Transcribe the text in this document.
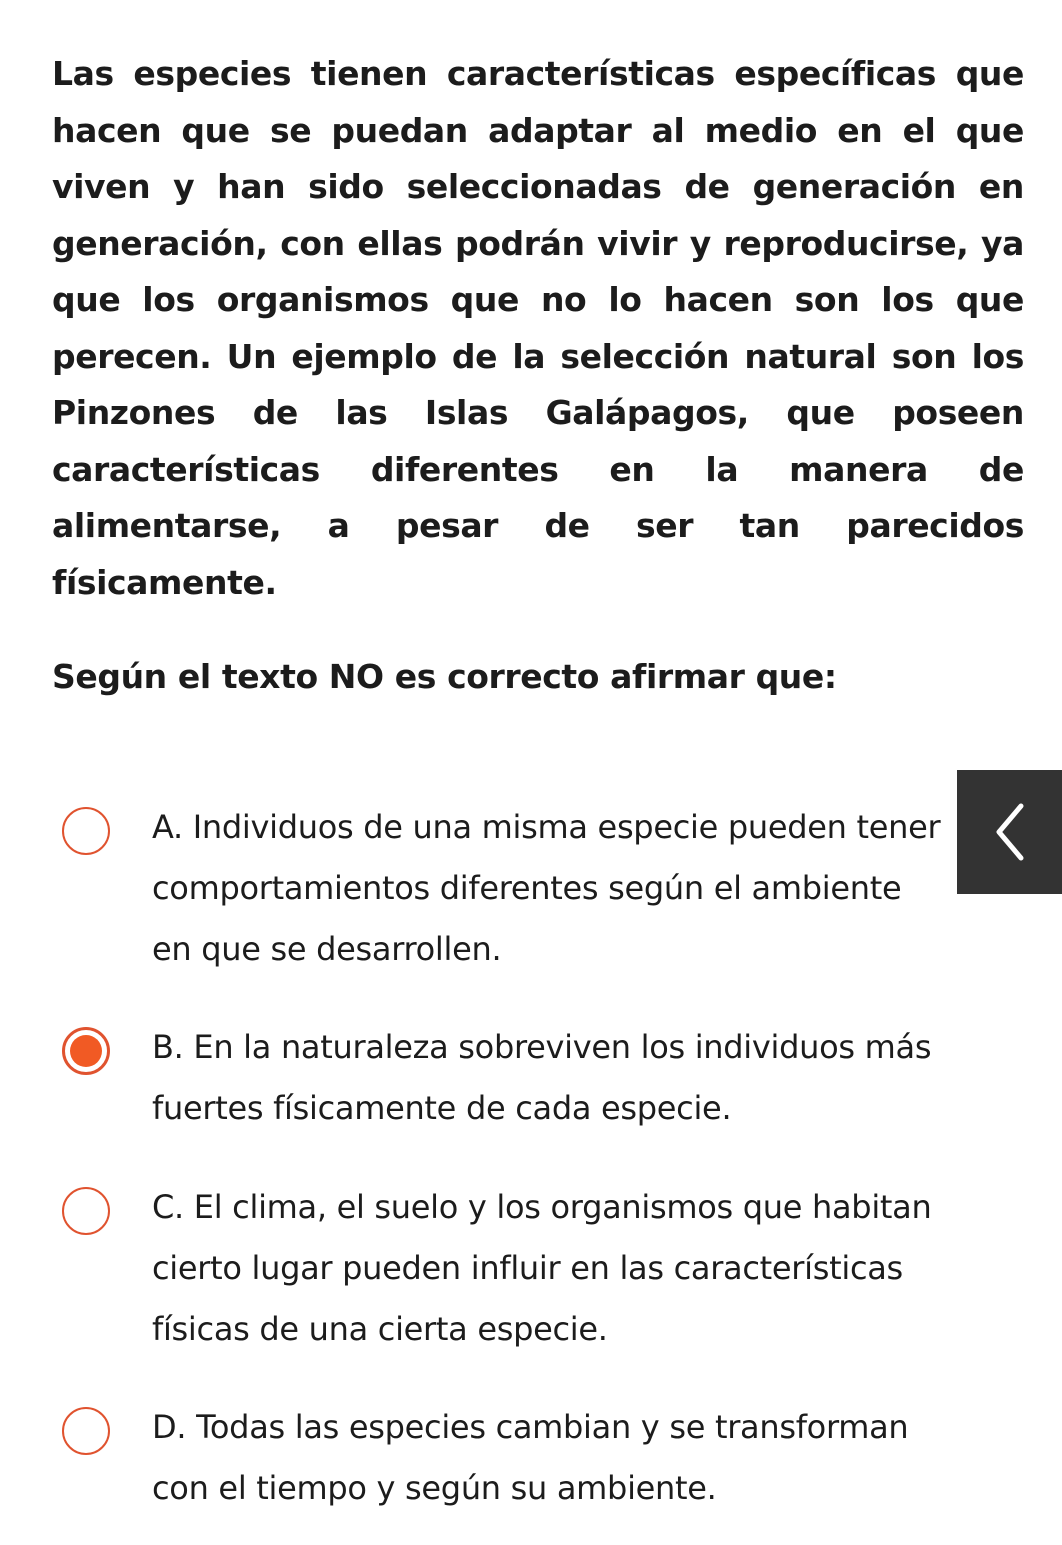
Las especies tienen características específicas que hacen que se puedan adaptar al medio en el que viven y han sido seleccionadas de generación en generación, con ellas podrán vivir y reproducirse, ya que los organismos que no lo hacen son los que perecen. Un ejemplo de la selección natural son los Pinzones de las Islas Galápagos, que poseen características diferentes en la manera de alimentarse, a pesar de ser tan parecidos físicamente.

Según el texto NO es correcto afirmar que:

A. Individuos de una misma especie pueden tener comportamientos diferentes según el ambiente en que se desarrollen.
B. En la naturaleza sobreviven los individuos más fuertes físicamente de cada especie.
C. El clima, el suelo y los organismos que habitan cierto lugar pueden influir en las características físicas de una cierta especie.
D. Todas las especies cambian y se transforman con el tiempo y según su ambiente.
